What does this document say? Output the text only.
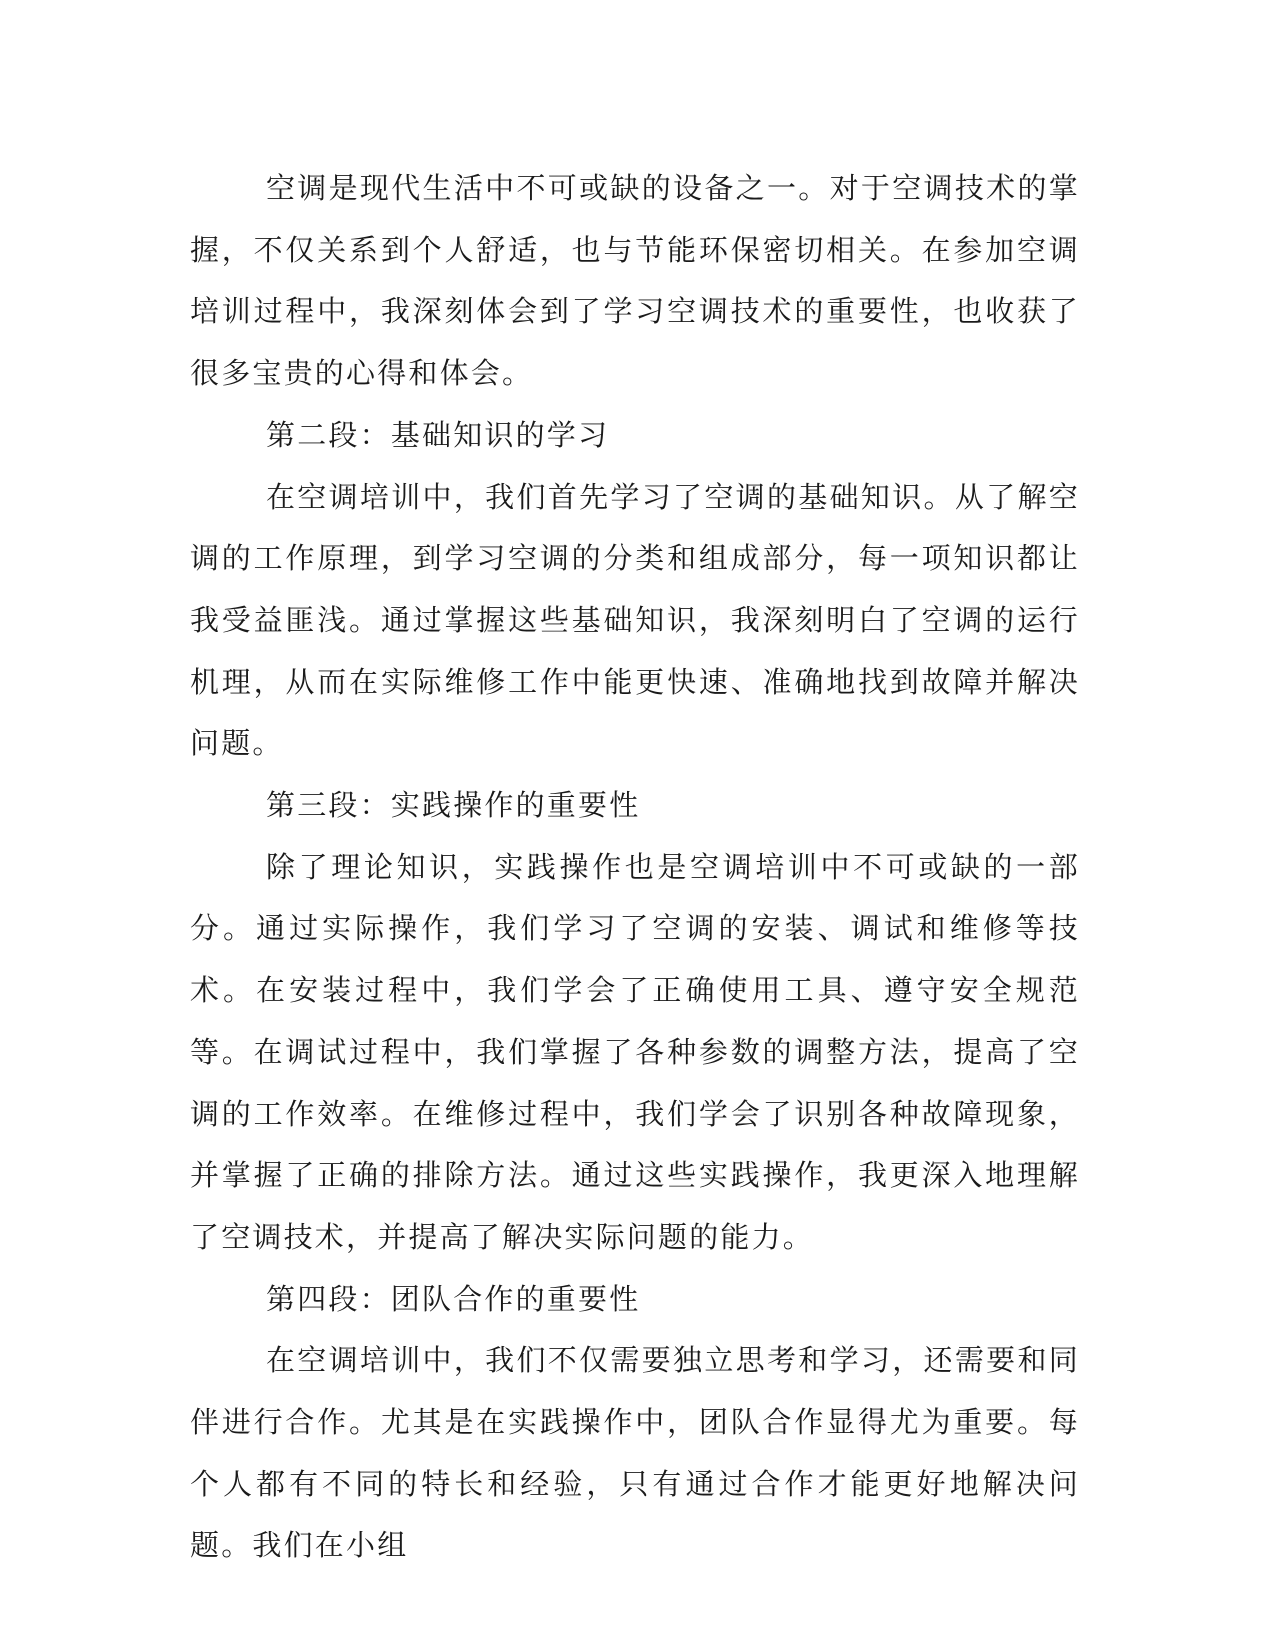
空调是现代生活中不可或缺的设备之一。对于空调技术的掌握，不仅关系到个人舒适，也与节能环保密切相关。在参加空调培训过程中，我深刻体会到了学习空调技术的重要性，也收获了很多宝贵的心得和体会。

第二段：基础知识的学习

在空调培训中，我们首先学习了空调的基础知识。从了解空调的工作原理，到学习空调的分类和组成部分，每一项知识都让我受益匪浅。通过掌握这些基础知识，我深刻明白了空调的运行机理，从而在实际维修工作中能更快速、准确地找到故障并解决问题。

第三段：实践操作的重要性

除了理论知识，实践操作也是空调培训中不可或缺的一部分。通过实际操作，我们学习了空调的安装、调试和维修等技术。在安装过程中，我们学会了正确使用工具、遵守安全规范等。在调试过程中，我们掌握了各种参数的调整方法，提高了空调的工作效率。在维修过程中，我们学会了识别各种故障现象，并掌握了正确的排除方法。通过这些实践操作，我更深入地理解了空调技术，并提高了解决实际问题的能力。

第四段：团队合作的重要性

在空调培训中，我们不仅需要独立思考和学习，还需要和同伴进行合作。尤其是在实践操作中，团队合作显得尤为重要。每个人都有不同的特长和经验，只有通过合作才能更好地解决问题。我们在小组
